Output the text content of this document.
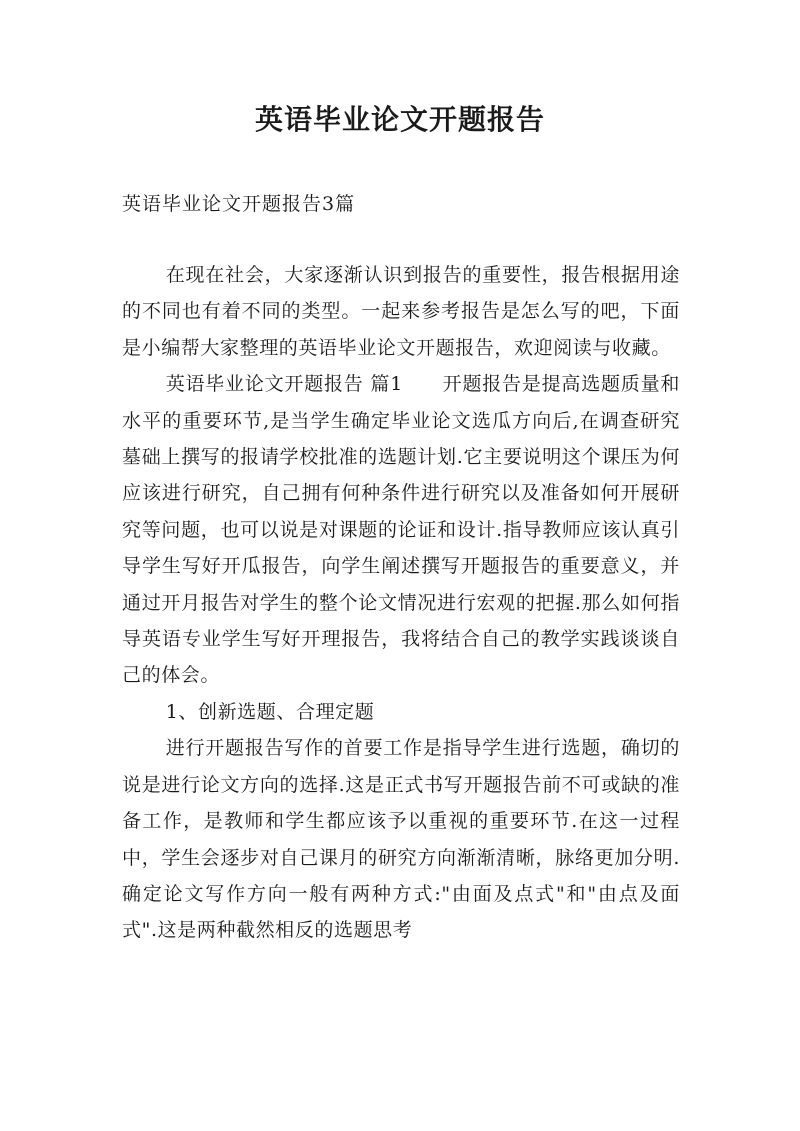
英语毕业论文开题报告

英语毕业论文开题报告3篇

在现在社会，大家逐渐认识到报告的重要性，报告根据用途的不同也有着不同的类型。一起来参考报告是怎么写的吧，下面是小编帮大家整理的英语毕业论文开题报告，欢迎阅读与收藏。

英语毕业论文开题报告 篇1　　开题报告是提高选题质量和水平的重要环节,是当学生确定毕业论文选瓜方向后,在调查研究墓础上撰写的报请学校批准的选题计划.它主要说明这个课压为何应该进行研究，自己拥有何种条件进行研究以及准备如何开展研究等问题，也可以说是对课题的论证和设计.指导教师应该认真引导学生写好开瓜报告，向学生阐述撰写开题报告的重要意义，并通过开月报告对学生的整个论文情况进行宏观的把握.那么如何指导英语专业学生写好开理报告，我将结合自己的教学实践谈谈自己的体会。

1、创新选题、合理定题

进行开题报告写作的首要工作是指导学生进行选题，确切的说是进行论文方向的选择.这是正式书写开题报告前不可或缺的准备工作，是教师和学生都应该予以重视的重要环节.在这一过程中，学生会逐步对自己课月的研究方向渐渐清晰，脉络更加分明.确定论文写作方向一般有两种方式:"由面及点式"和"由点及面式".这是两种截然相反的选题思考
